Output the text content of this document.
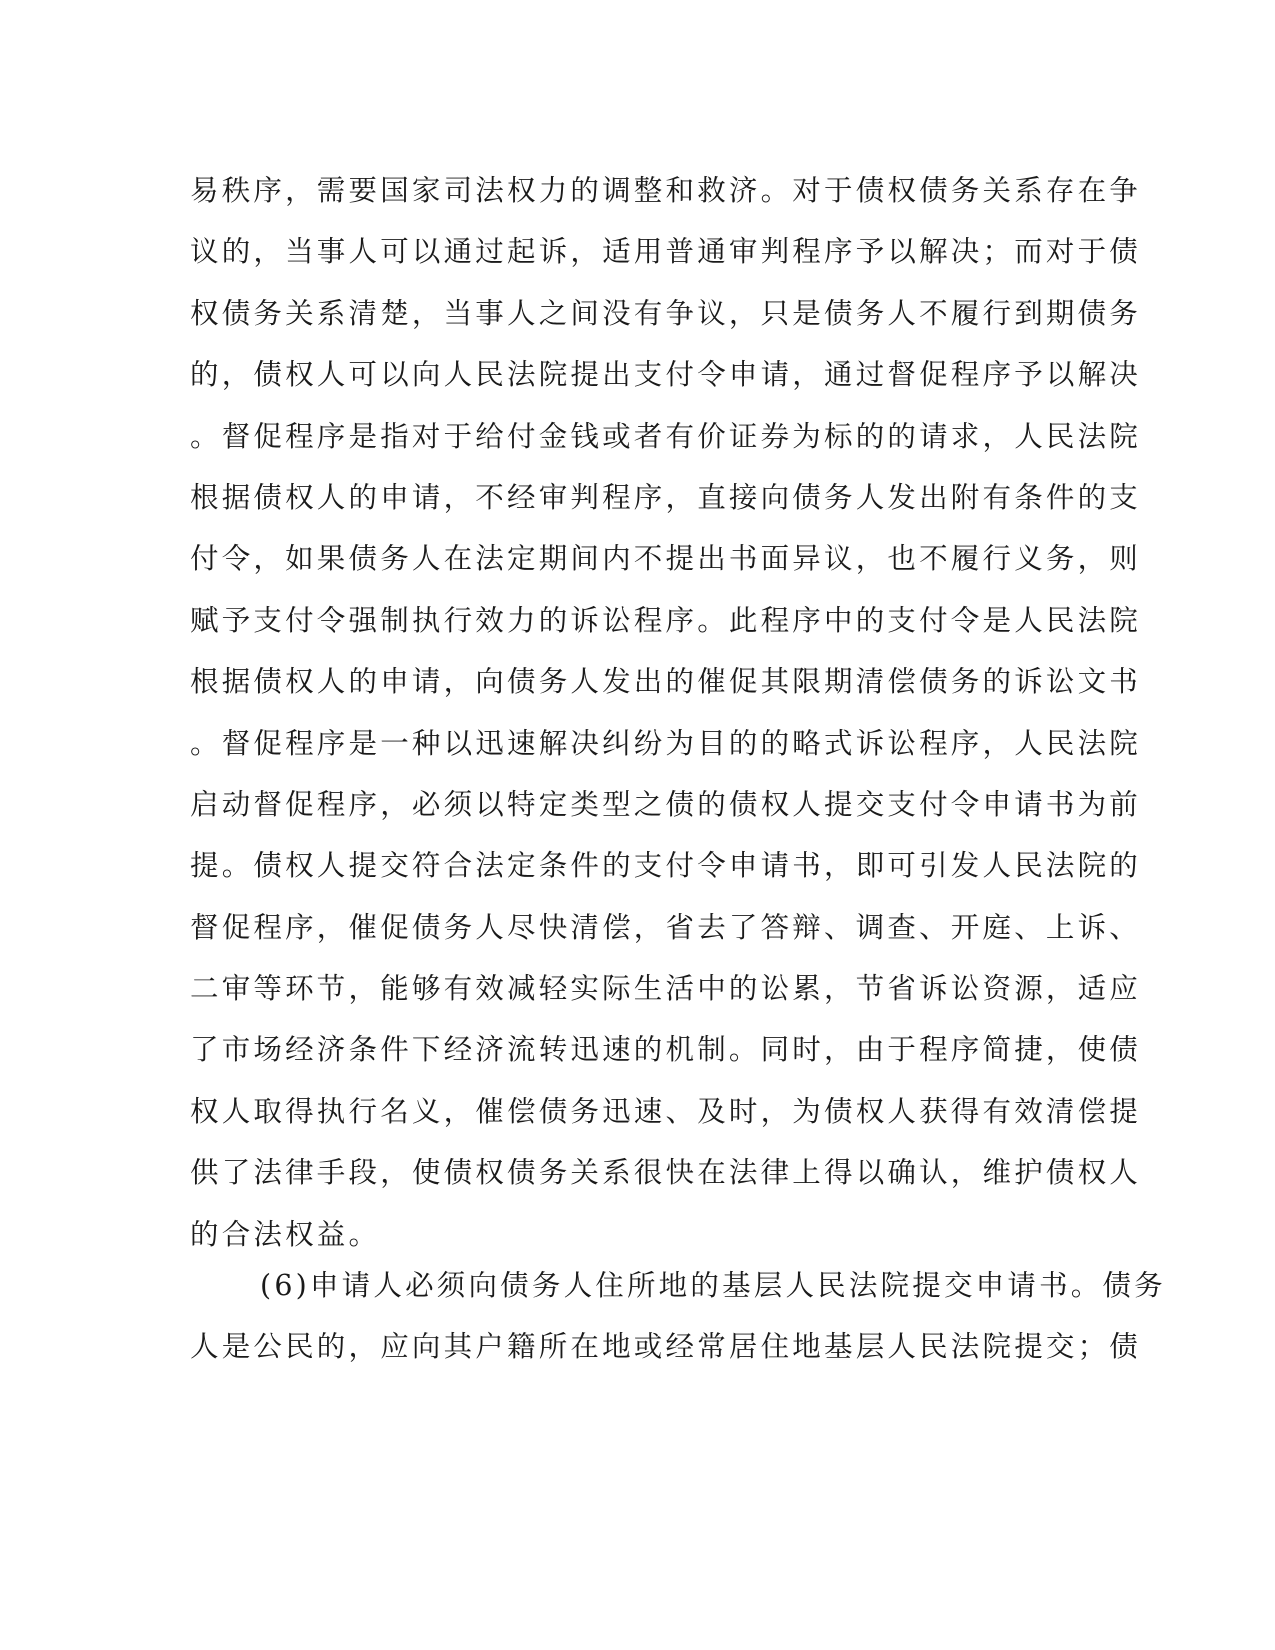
易秩序，需要国家司法权力的调整和救济。对于债权债务关系存在争
议的，当事人可以通过起诉，适用普通审判程序予以解决；而对于债
权债务关系清楚，当事人之间没有争议，只是债务人不履行到期债务
的，债权人可以向人民法院提出支付令申请，通过督促程序予以解决
。督促程序是指对于给付金钱或者有价证券为标的的请求，人民法院
根据债权人的申请，不经审判程序，直接向债务人发出附有条件的支
付令，如果债务人在法定期间内不提出书面异议，也不履行义务，则
赋予支付令强制执行效力的诉讼程序。此程序中的支付令是人民法院
根据债权人的申请，向债务人发出的催促其限期清偿债务的诉讼文书
。督促程序是一种以迅速解决纠纷为目的的略式诉讼程序，人民法院
启动督促程序，必须以特定类型之债的债权人提交支付令申请书为前
提。债权人提交符合法定条件的支付令申请书，即可引发人民法院的
督促程序，催促债务人尽快清偿，省去了答辩、调查、开庭、上诉、
二审等环节，能够有效减轻实际生活中的讼累，节省诉讼资源，适应
了市场经济条件下经济流转迅速的机制。同时，由于程序简捷，使债
权人取得执行名义，催偿债务迅速、及时，为债权人获得有效清偿提
供了法律手段，使债权债务关系很快在法律上得以确认，维护债权人
的合法权益。
(6)申请人必须向债务人住所地的基层人民法院提交申请书。债务
人是公民的，应向其户籍所在地或经常居住地基层人民法院提交；债
